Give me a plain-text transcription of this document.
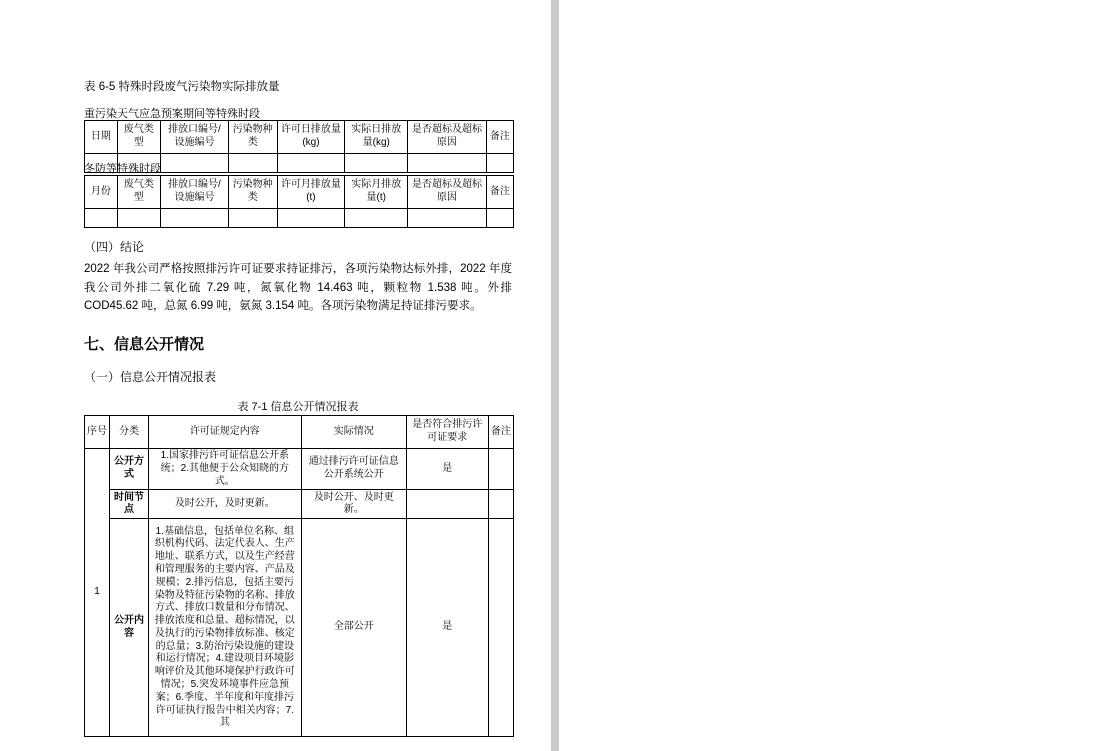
表 6-5 特殊时段废气污染物实际排放量
重污染天气应急预案期间等特殊时段
日期	废气类型	排放口编号/设施编号	污染物种类	许可日排放量(kg)	实际日排放量(kg)	是否超标及超标原因	备注

冬防等特殊时段
月份	废气类型	排放口编号/设施编号	污染物种类	许可月排放量(t)	实际月排放量(t)	是否超标及超标原因	备注

（四）结论

2022 年我公司严格按照排污许可证要求持证排污，各项污染物达标外排，2022 年度我公司外排二氧化硫 7.29 吨，氮氧化物 14.463 吨，颗粒物 1.538 吨。外排 COD45.62 吨，总氮 6.99 吨，氨氮 3.154 吨。各项污染物满足持证排污要求。

七、信息公开情况
（一）信息公开情况报表
表 7-1 信息公开情况报表
序号	分类	许可证规定内容	实际情况	是否符合排污许可证要求	备注
1	公开方式	1.国家排污许可证信息公开系统；2.其他便于公众知晓的方式。	通过排污许可证信息公开系统公开	是	
	时间节点	及时公开，及时更新。	及时公开、及时更新。		
	公开内容	1.基础信息，包括单位名称、组织机构代码、法定代表人、生产地址、联系方式，以及生产经营和管理服务的主要内容、产品及规模；2.排污信息，包括主要污染物及特征污染物的名称、排放方式、排放口数量和分布情况、排放浓度和总量、超标情况，以及执行的污染物排放标准、核定的总量；3.防治污染设施的建设和运行情况；4.建设项目环境影响评价及其他环境保护行政许可情况；5.突发环境事件应急预案；6.季度、半年度和年度排污许可证执行报告中相关内容；7.其	全部公开	是	
